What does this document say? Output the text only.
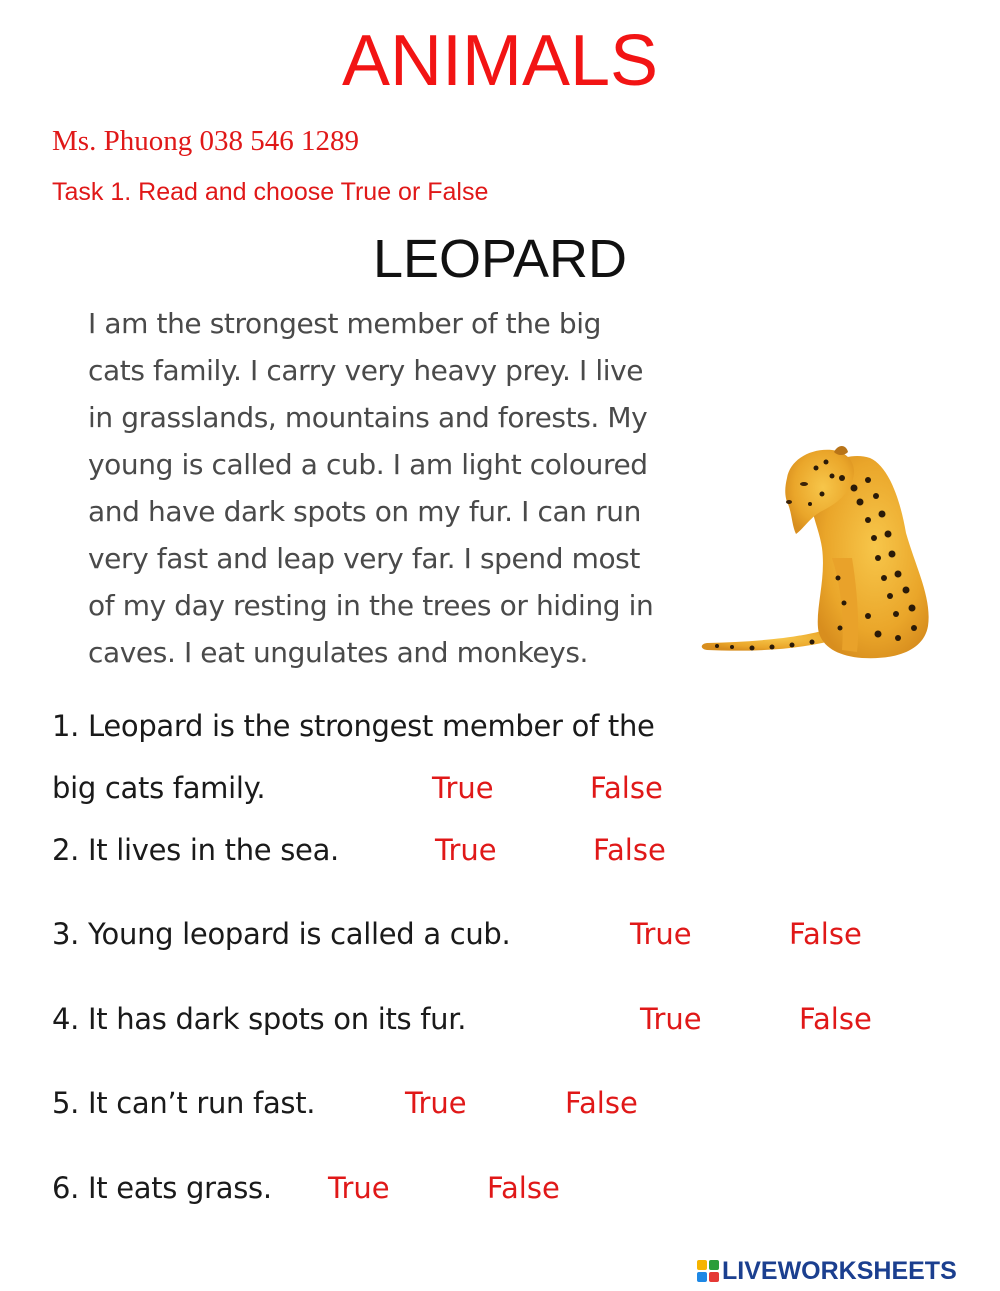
ANIMALS
Ms. Phuong 038 546 1289
Task 1. Read and choose True or False
LEOPARD
I am the strongest member of the big
cats family. I carry very heavy prey. I live
in grasslands, mountains and forests. My
young is called a cub. I am light coloured
and have dark spots on my fur. I can run
very fast and leap very far. I spend most
of my day resting in the trees or hiding in
caves. I eat ungulates and monkeys.
1. Leopard is the strongest member of the
big cats family.	True	False
2. It lives in the sea.	True	False
3. Young leopard is called a cub.	True	False
4. It has dark spots on its fur.	True	False
5. It can’t run fast.	True	False
6. It eats grass. True	False
LIVEWORKSHEETS
